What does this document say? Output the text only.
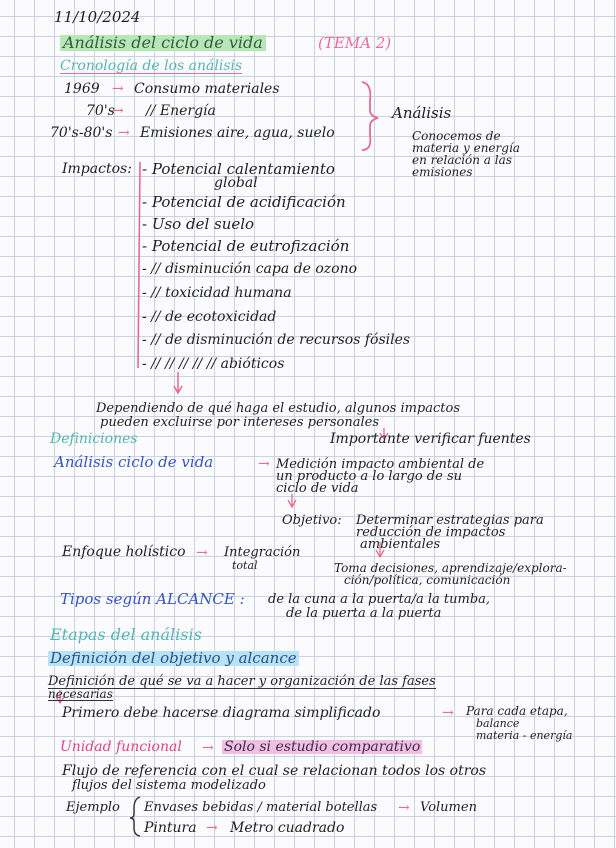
11/10/2024
Análisis del ciclo de vida	(TEMA 2)
Cronología de los análisis
1969 → Consumo materiales
70's
→ // Energía
70's-80's → Emisiones aire, agua, suelo
Análisis
Conocemos de
materia y energía
en relación a las
emisiones
Impactos: - Potencial calentamiento
global
- Potencial de acidificación
- Uso del suelo
- Potencial de eutrofización
- // disminución capa de ozono
- // toxicidad humana
- // de ecotoxicidad
- // de disminución de recursos fósiles
- // // // // // abióticos
Dependiendo de qué haga el estudio, algunos impactos
pueden excluirse por intereses personales
Importante verificar fuentes
Definiciones
Análisis ciclo de vida	→ Medición impacto ambiental de
un producto a lo largo de su
ciclo de vida
Objetivo: Determinar estrategias para
reducción de impactos
ambientales
Toma decisiones, aprendizaje/explora-
ción/política, comunicación
Enfoque holístico → Integración
total
Tipos según ALCANCE : de la cuna a la puerta/a la tumba,
de la puerta a la puerta
Etapas del análisis
Definición del objetivo y alcance
Definición de qué se va a hacer y organización de las fases
necesarias
Primero debe hacerse diagrama simplificado	→ Para cada etapa,
balance
materia - energía
Unidad funcional → Solo si estudio comparativo
Flujo de referencia con el cual se relacionan todos los otros
flujos del sistema modelizado
Ejemplo Envases bebidas / material botellas → Volumen
Pintura → Metro cuadrado
